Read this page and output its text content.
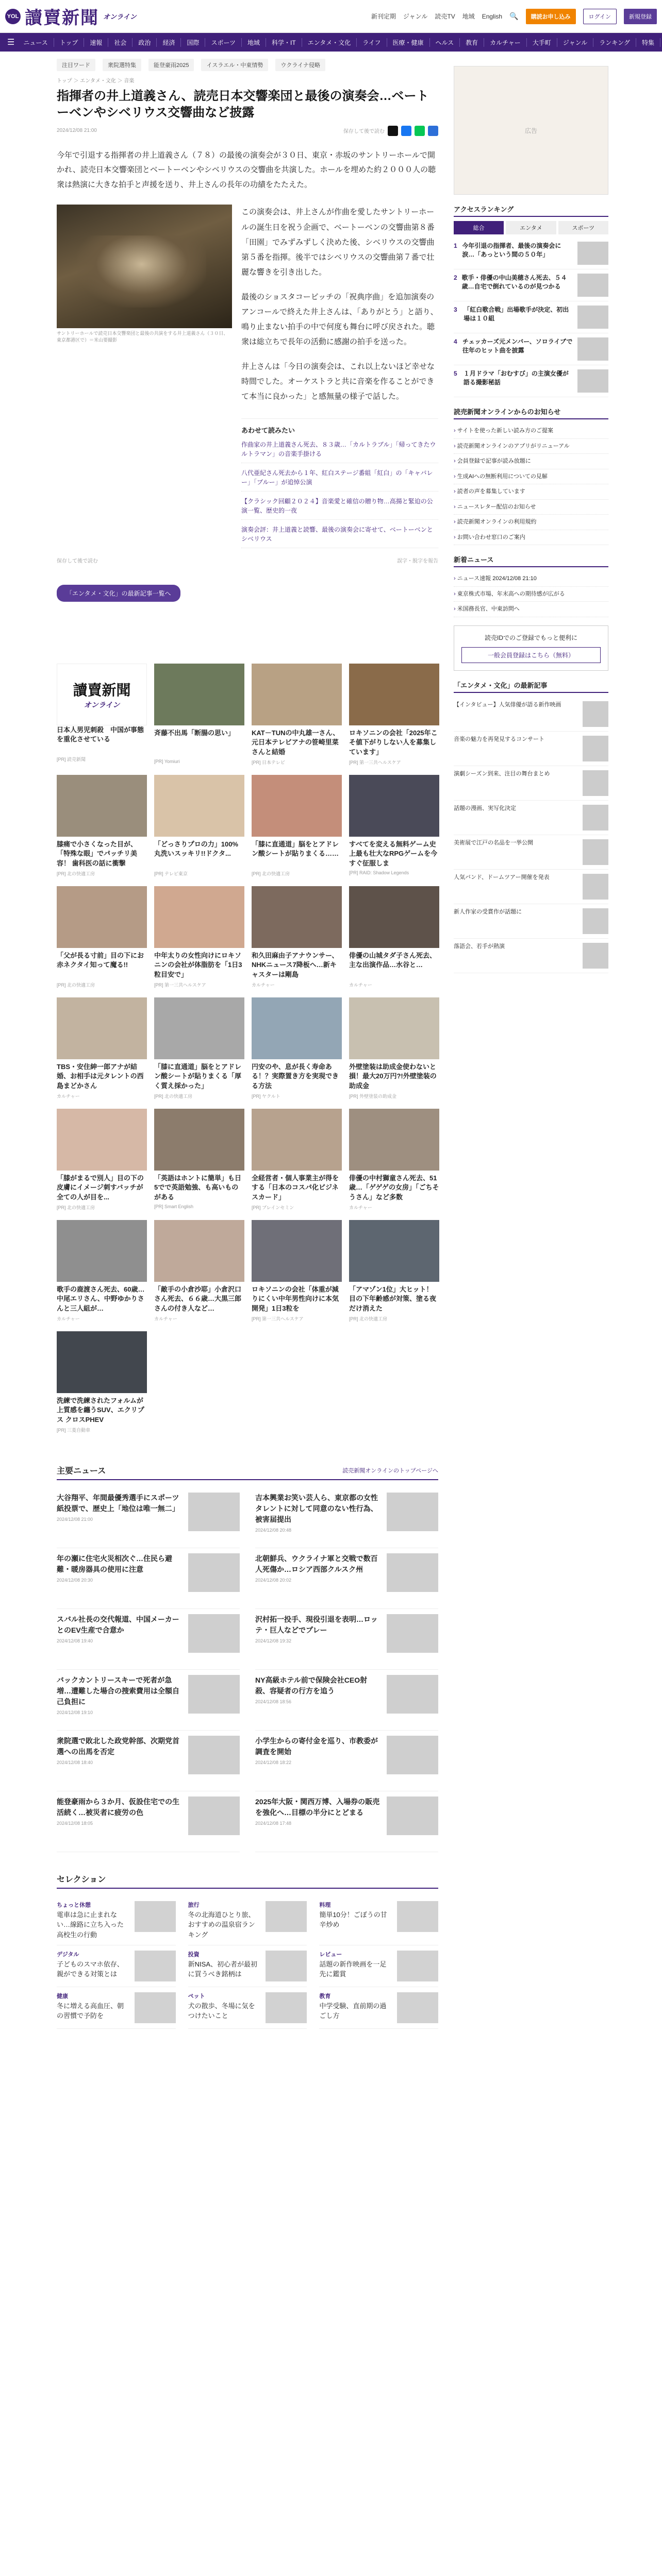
YOL 讀賣新聞 オンライン	新刊定期 ジャンル 読売TV 地域 English 🔍	購読お申し込み	ログイン	新規登録
☰	ニュース	トップ	速報	社会	政治	経済	国際	スポーツ	地域	科学・IT	エンタメ・文化	ライフ	医療・健康	ヘルス	教育	カルチャー	大手町	ジャンル	ランキング	特集
注目ワード	衆院選特集	能登豪雨2025	イスラエル・中東情勢	ウクライナ侵略
トップ ＞ エンタメ・文化 ＞ 音楽
指揮者の井上道義さん、読売日本交響楽団と最後の演奏会…ベートーベンやシベリウス交響曲など披露
2024/12/08 21:00	保存して後で読む

今年で引退する指揮者の井上道義さん（７８）の最後の演奏会が３０日、東京・赤坂のサントリーホールで開かれ、読売日本交響楽団とベートーベンやシベリウスの交響曲を共演した。ホールを埋めた約２０００人の聴衆は熱演に大きな拍手と声援を送り、井上さんの長年の功績をたたえた。

サントリーホールで読売日本交響楽団と最後の共演をする井上道義さん（３０日、東京都港区で）＝米山要撮影

この演奏会は、井上さんが作曲を愛したサントリーホールの誕生日を祝う企画で、ベートーベンの交響曲第８番「田園」でみずみずしく決めた後、シベリウスの交響曲第５番を指揮。後半ではシベリウスの交響曲第７番で壮麗な響きを引き出した。

最後のショスタコービッチの「祝典序曲」を追加演奏のアンコールで終えた井上さんは、「ありがとう」と語り、鳴り止まない拍手の中で何度も舞台に呼び戻された。聴衆は総立ちで長年の活動に感謝の拍手を送った。

井上さんは「今日の演奏会は、これ以上ないほど幸せな時間でした。オーケストラと共に音楽を作ることができて本当に良かった」と感無量の様子で話した。

あわせて読みたい
作曲家の井上道義さん死去、８３歳…「カルトラブル」「帰ってきたウルトラマン」の音楽手掛ける
八代亜紀さん死去から１年、紅白ステージ番組「紅白」の「キャバレー」「ブルー」が追悼公演
【クラシック回顧２０２４】音楽愛と確信の贈り物…高揚と緊迫の公演一覧、歴史的一夜
演奏会評：井上道義と読響、最後の演奏会に寄せて、ベートーベンとシベリウス
保存して後で読む	誤字・脱字を報告
「エンタメ・文化」の最新記事一覧へ
讀賣新聞
オンライン
日本人男児刺殺　中国が事態を重化させている
[PR] 読売新聞
斉藤不出馬「断腸の思い」
[PR] Yomiuri
KAT－TUNの中丸雄一さん、元日本テレビアナの笹崎里菜さんと結婚
[PR] 日本テレビ
ロキソニンの会社「2025年こそ値下がりしない人を募集しています」
[PR] 第一三共ヘルスケア
膝痛で小さくなった目が、「特殊な眼」でパッチリ美容！ 歯科医の話に衝撃
[PR] 北の快適工房
「どっさりプロの力」100%丸洗いスッキリ!!ドクタ...
[PR] テレビ東京
「膝に直通道」脳をとアドレン酸シートが貼りまくる……
[PR] 北の快適工房
すべてを変える無料ゲーム史上最も壮大なRPGゲームを今すぐ征服しま
[PR] RAID: Shadow Legends
「父が長る寸前」目の下にお赤ネクタイ知って魔る!!
[PR] 北の快適工房
中年太りの女性向けにロキソニンの会社が体脂肪を「1日3粒目安で」
[PR] 第一三共ヘルスケア
和久田麻由子アナウンサー、NHKニュース7降板へ…新キャスターは剛島
カルチャー
俳優の山城タダ子さん死去、主な出演作品…水谷と…
カルチャー
TBS・安住紳一郎アナが結婚、お相手は元タレントの西島まどかさん
カルチャー
「膝に直通道」脳をとアドレン酸シートが貼りまくる「厚く質え採かった」
[PR] 北の快適工房
円安のや、息が長く寿命ある！？実際置き方を実現できる方法
[PR] ヤクルト
外壁塗装は助成金使わないと損！最大20万円?!外壁塗装の助成金
[PR] 外壁塗装の助成金
「膝がまるで別人」目の下の皮膚にイメージ刺すバッチが全ての人が目を...
[PR] 北の快適工房
「英語はホントに簡単」も日5でで英語勉強、も高いものがある
[PR] Smart English
全経営者・個人事業主が得をする「日本のコスパ化ビジネスカード」
[PR] ブレインセミン
俳優の中村獅童さん死去、51歳…「ゲゲゲの女房」「ごちそうさん」など多数
カルチャー
歌手の鹿渡さん死去、60歳…中尾エリさん、中野ゆかりさんと三人組が…
カルチャー
「敵手の小倉沙耶」小倉沢口さん死去、６６歳…大黒三郎さんの付き人など…
カルチャー
ロキソニンの会社「体重が減りにくい中年男性向けに本気開発」1日3粒を
[PR] 第一三共ヘルスケア
「アマゾン1位」大ヒット！目の下年齢感が対策、塗る夜だけ消えた
[PR] 北の快適工房
洗練で洗練されたフォルムが上質感を纏うSUV、エクリプス クロスPHEV
[PR] 三菱自動車
主要ニュース	読売新聞オンラインのトップページへ
大谷翔平、年間最優秀選手にスポーツ紙投票で、歴史上「地位は唯一無二」
2024/12/08 21:00
吉本興業お笑い芸人ら、東京都の女性タレントに対して同意のない性行為、被害届提出
2024/12/08 20:48
年の瀬に住宅火災相次ぐ…住民ら避難・暖房器具の使用に注意
2024/12/08 20:30
北朝鮮兵、ウクライナ軍と交戦で数百人死傷か…ロシア西部クルスク州
2024/12/08 20:02
スバル社長の交代報道、中国メーカーとのEV生産で合意か
2024/12/08 19:40
沢村拓一投手、現役引退を表明…ロッテ・巨人などでプレー
2024/12/08 19:32
バックカントリースキーで死者が急増…遭難した場合の捜索費用は全額自己負担に
2024/12/08 19:10
NY高級ホテル前で保険会社CEO射殺、容疑者の行方を追う
2024/12/08 18:56
衆院選で敗北した政党幹部、次期党首選への出馬を否定
2024/12/08 18:40
小学生からの寄付金を巡り、市教委が調査を開始
2024/12/08 18:22
能登豪雨から３か月、仮設住宅での生活続く…被災者に疲労の色
2024/12/08 18:05
2025年大阪・関西万博、入場券の販売を強化へ…目標の半分にとどまる
2024/12/08 17:48
セレクション
ちょっと休憩
電車は急に止まれない…線路に立ち入った高校生の行動
旅行
冬の北海道ひとり旅、おすすめの温泉宿ランキング
料理
簡単10分！ごぼうの甘辛炒め
デジタル
子どものスマホ依存、親ができる対策とは
投資
新NISA、初心者が最初に買うべき銘柄は
レビュー
話題の新作映画を一足先に鑑賞
健康
冬に増える高血圧、朝の習慣で予防を
ペット
犬の散歩、冬場に気をつけたいこと
教育
中学受験、直前期の過ごし方
広告
アクセスランキング
総合	エンタメ	スポーツ
1 今年引退の指揮者、最後の演奏会に涙…「あっという間の５０年」
2 歌手・俳優の中山美穂さん死去、５４歳…自宅で倒れているのが見つかる
3	「紅白歌合戦」出場歌手が決定、初出場は１０組
4 チェッカーズ元メンバー、ソロライブで往年のヒット曲を披露
5	１月ドラマ「おむすび」の主演女優が語る撮影秘話
読売新聞オンラインからのお知らせ
› サイトを使った新しい読み方のご提案
› 読売新聞オンラインのアプリがリニューアル
› 会員登録で記事が読み放題に
› 生成AIへの無断利用についての見解
› 読者の声を募集しています
› ニュースレター配信のお知らせ
› 読売新聞オンラインの利用規約
› お問い合わせ窓口のご案内
新着ニュース
› ニュース速報 2024/12/08 21:10
› 東京株式市場、年末高への期待感が広がる
› 米国務長官、中東訪問へ
読売IDでのご登録でもっと便利に
一般会員登録はこちら（無料）
「エンタメ・文化」の最新記事
【インタビュー】人気俳優が語る新作映画
音楽の魅力を再発見するコンサート
演劇シーズン到来、注目の舞台まとめ
話題の漫画、実写化決定
美術展で江戸の名品を一挙公開
人気バンド、ドームツアー開催を発表
新人作家の受賞作が話題に
落語会、若手が熱演
